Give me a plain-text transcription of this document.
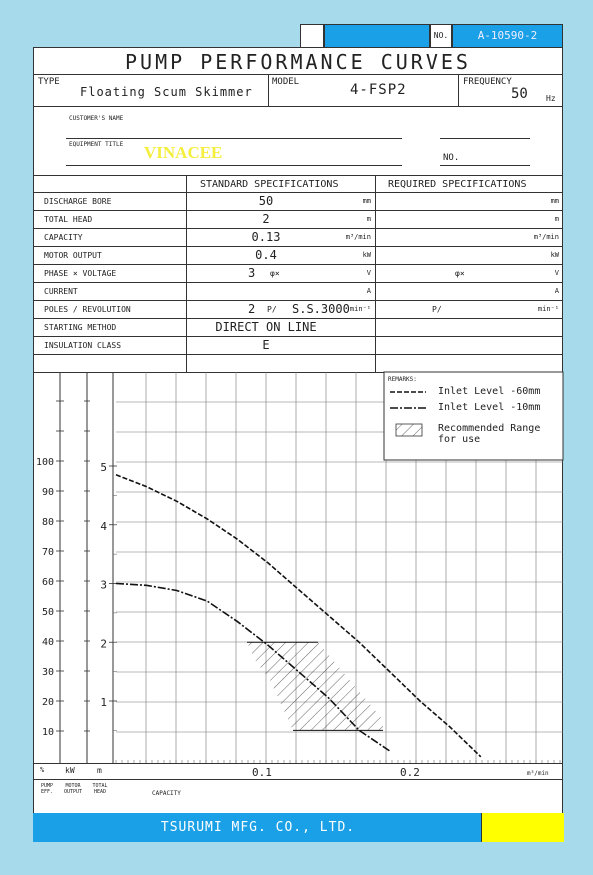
NO.	A-10590-2
PUMP PERFORMANCE CURVES
TYPE
Floating Scum Skimmer
MODEL	4-FSP2	FREQUENCY
50 Hz
CUSTOMER'S NAME
EQUIPMENT TITLE VINACEE	NO.
STANDARD SPECIFICATIONS	REQUIRED SPECIFICATIONS
DISCHARGE BORE	50	mm	mm
TOTAL HEAD	2	m	m
CAPACITY	0.13	m³/min	m³/min
MOTOR OUTPUT	0.4	kW	kW
PHASE × VOLTAGE	3 φ×	V	φ×	V
CURRENT	A	A
POLES / REVOLUTION	2 P/ S.S.3000 min⁻¹	P/	min⁻¹
STARTING METHOD	DIRECT ON LINE
INSULATION CLASS	E
100
90
80
70
60
50
40
30
20
10
5
4
3
2
1
REMARKS:
Inlet Level -60mm
Inlet Level -10mm
Recommended Range
for use
%	kW	m
PUMP
EFF.
MOTOR
OUTPUT
TOTAL
HEAD	CAPACITY
0.1	0.2	m³/min
TSURUMI MFG. CO., LTD.
